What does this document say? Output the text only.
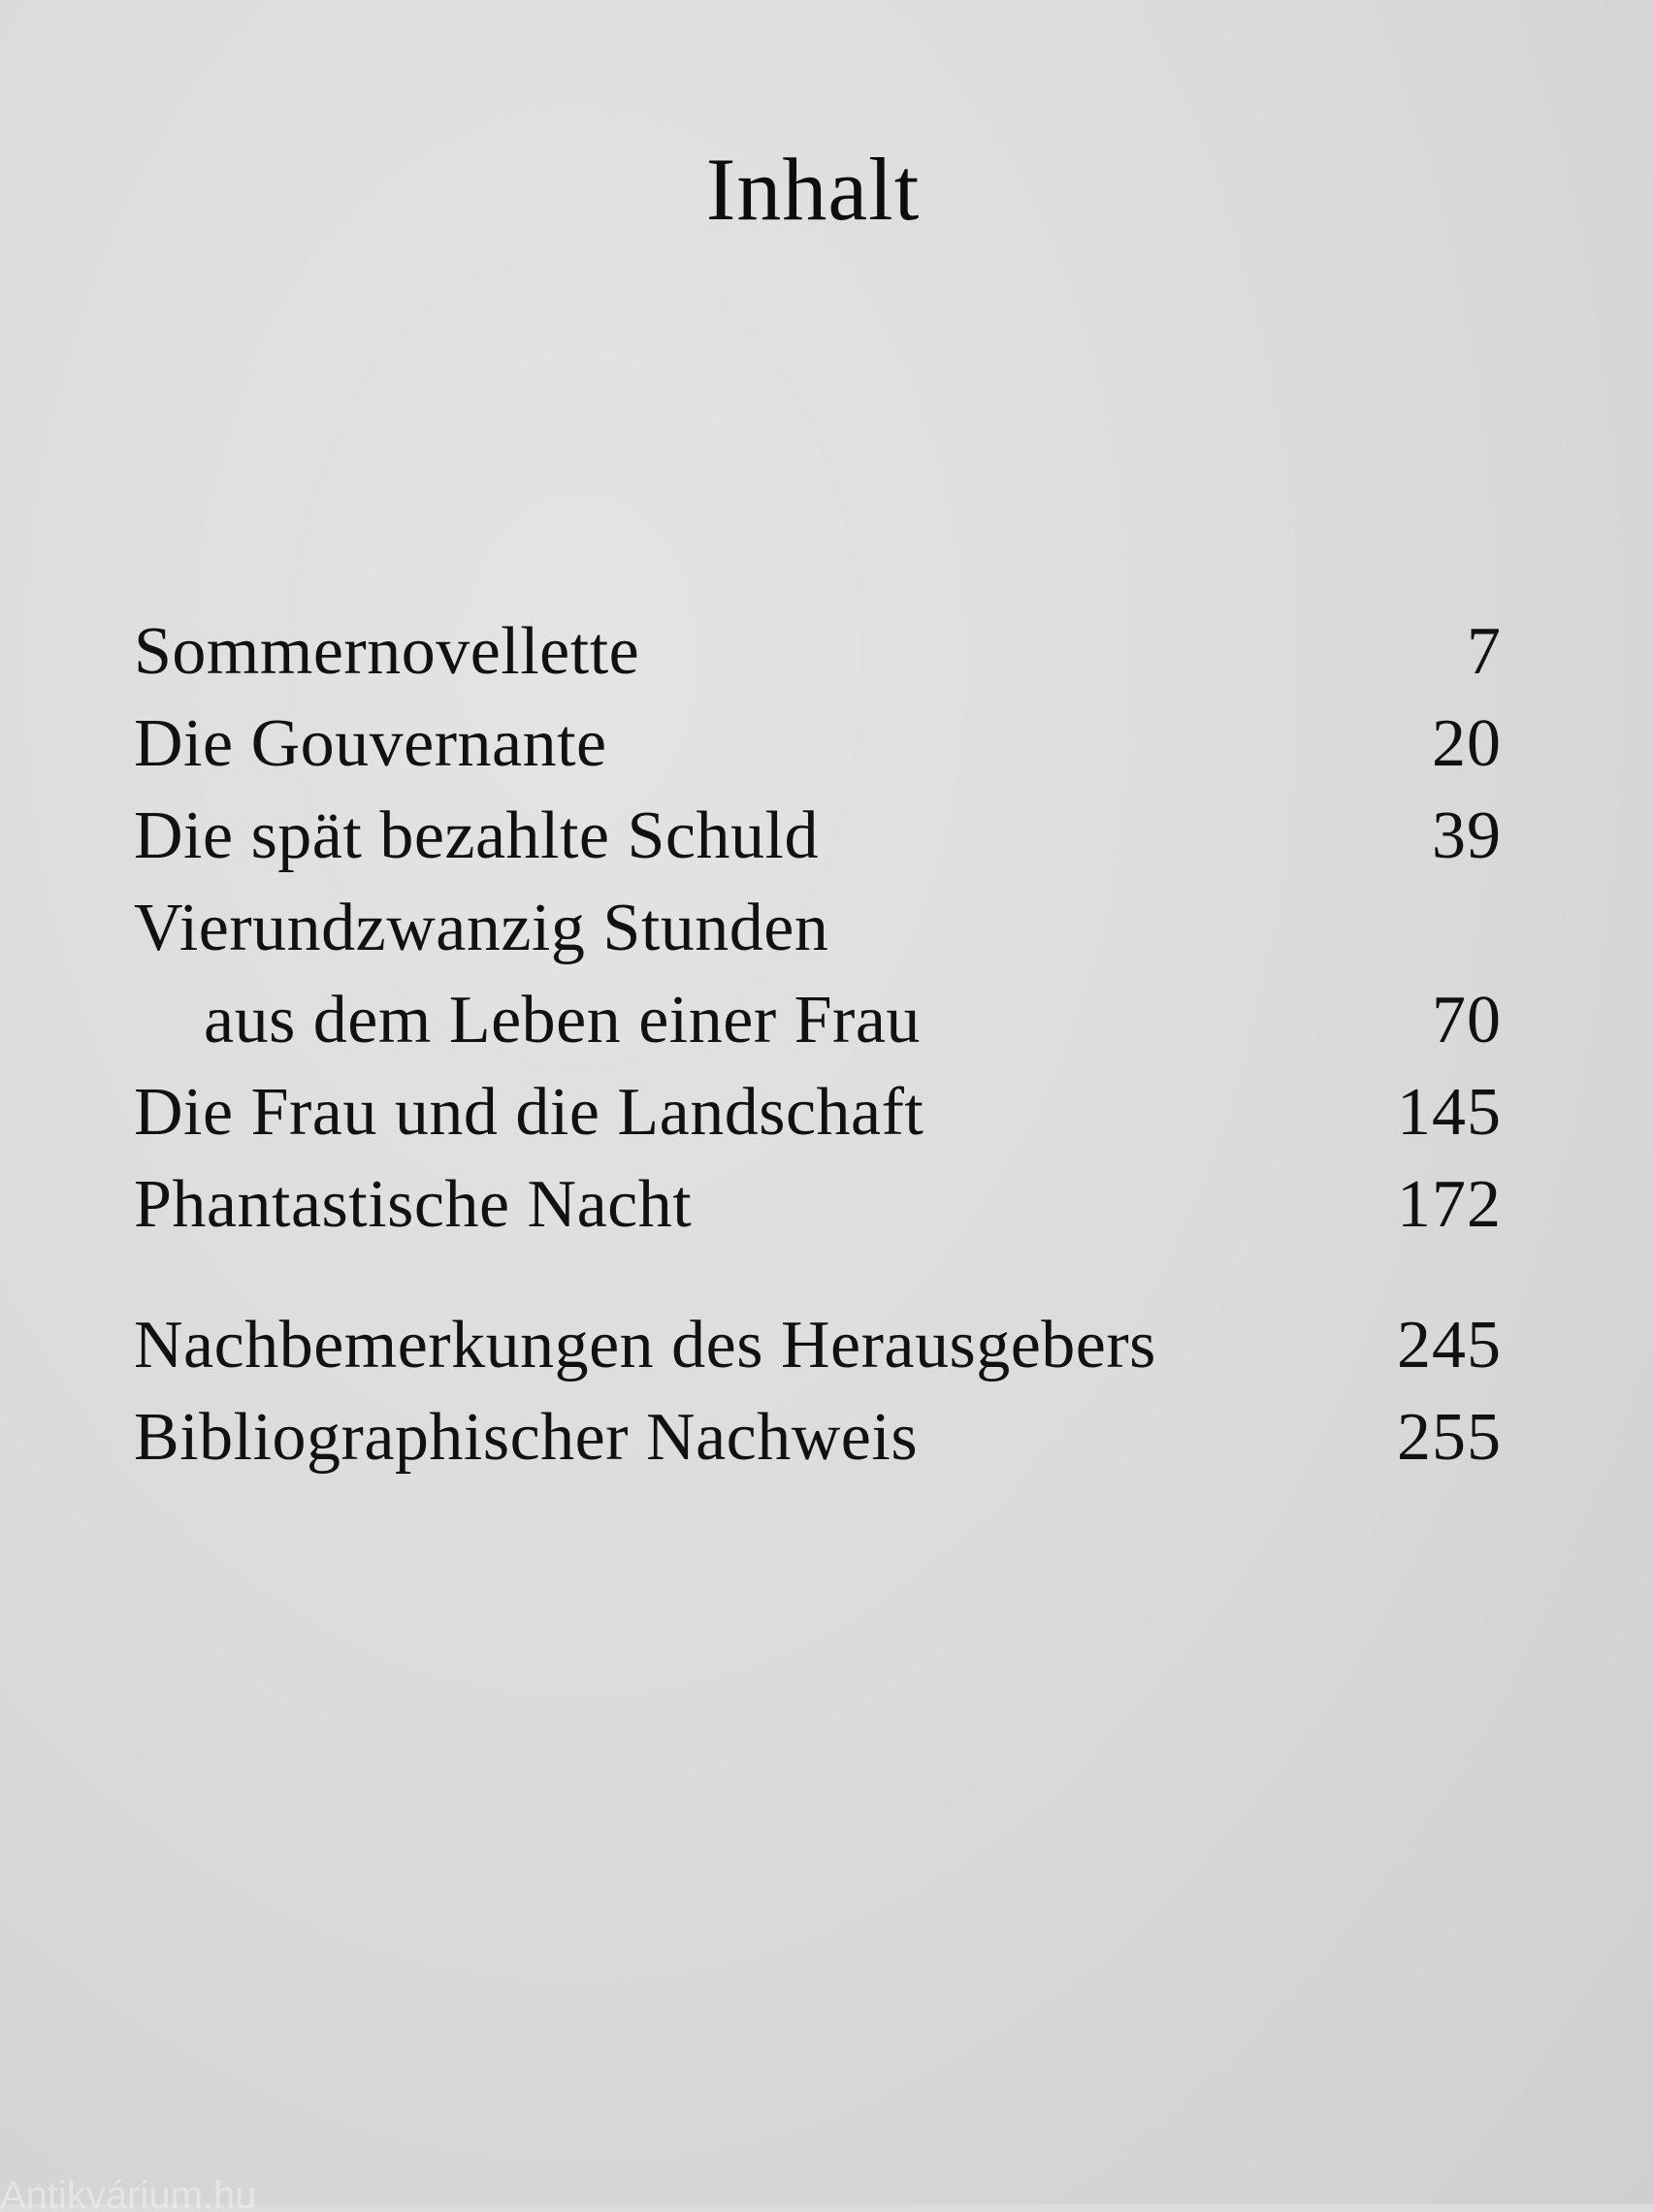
Inhalt
Sommernovellette	7
Die Gouvernante	20
Die spät bezahlte Schuld	39
Vierundzwanzig Stunden
aus dem Leben einer Frau	70
Die Frau und die Landschaft	145
Phantastische Nacht	172
Nachbemerkungen des Herausgebers	245
Bibliographischer Nachweis	255
Antikvárium.hu
